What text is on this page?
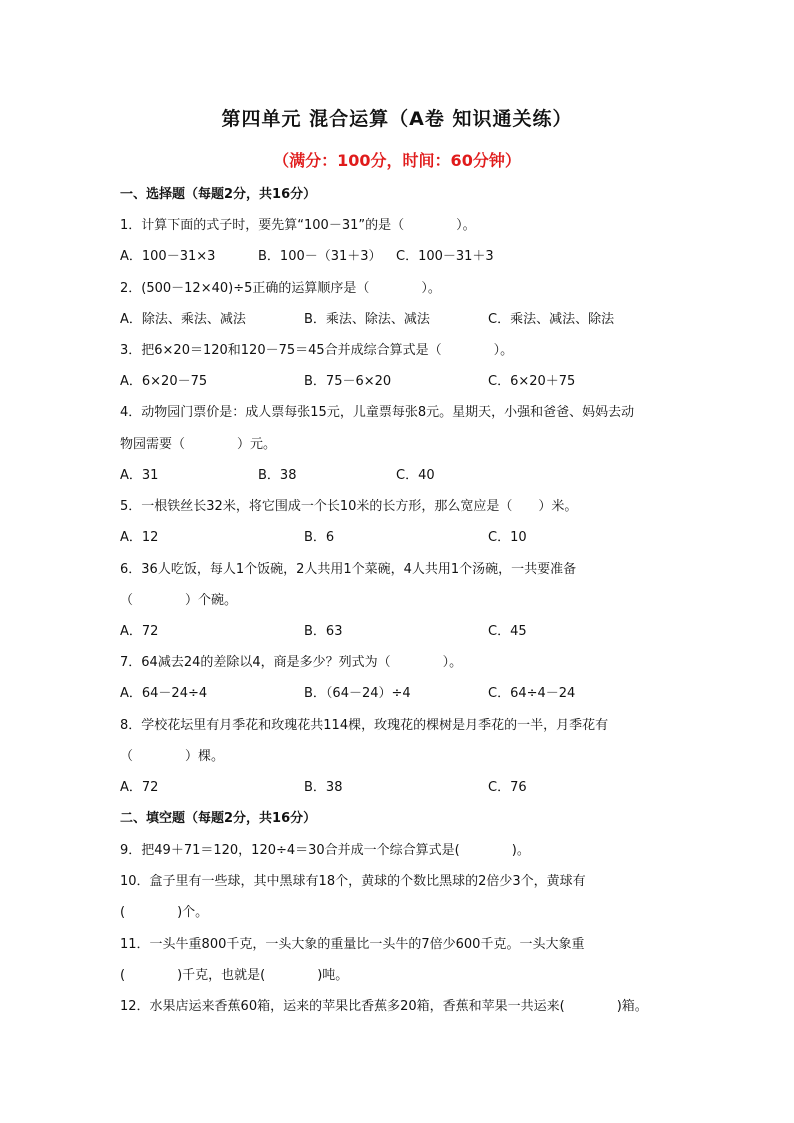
第四单元 混合运算（A卷 知识通关练）
（满分：100分，时间：60分钟）
一、选择题（每题2分，共16分）
1．计算下面的式子时，要先算“100－31”的是（　　　　）。
A．100－31×3	B．100－（31＋3） C．100－31＋3
2．(500－12×40)÷5正确的运算顺序是（　　　　）。
A．除法、乘法、减法	B．乘法、除法、减法	C．乘法、减法、除法
3．把6×20＝120和120－75＝45合并成综合算式是（　　　　）。
A．6×20－75	B．75－6×20	C．6×20＋75
4．动物园门票价是：成人票每张15元，儿童票每张8元。星期天，小强和爸爸、妈妈去动
物园需要（　　　　）元。
A．31	B．38	C．40
5．一根铁丝长32米，将它围成一个长10米的长方形，那么宽应是（　　）米。
A．12	B．6	C．10
6．36人吃饭，每人1个饭碗，2人共用1个菜碗，4人共用1个汤碗，一共要准备
（　　　　）个碗。
A．72	B．63	C．45
7．64减去24的差除以4，商是多少？列式为（　　　　）。
A．64－24÷4	B．（64－24）÷4	C．64÷4－24
8．学校花坛里有月季花和玫瑰花共114棵，玫瑰花的棵树是月季花的一半，月季花有
（　　　　）棵。
A．72	B．38	C．76
二、填空题（每题2分，共16分）
9．把49＋71＝120，120÷4＝30合并成一个综合算式是(　　　　)。
10．盒子里有一些球，其中黑球有18个，黄球的个数比黑球的2倍少3个，黄球有
(　　　　)个。
11．一头牛重800千克，一头大象的重量比一头牛的7倍少600千克。一头大象重
(　　　　)千克，也就是(　　　　)吨。
12．水果店运来香蕉60箱，运来的苹果比香蕉多20箱，香蕉和苹果一共运来(　　　　)箱。
